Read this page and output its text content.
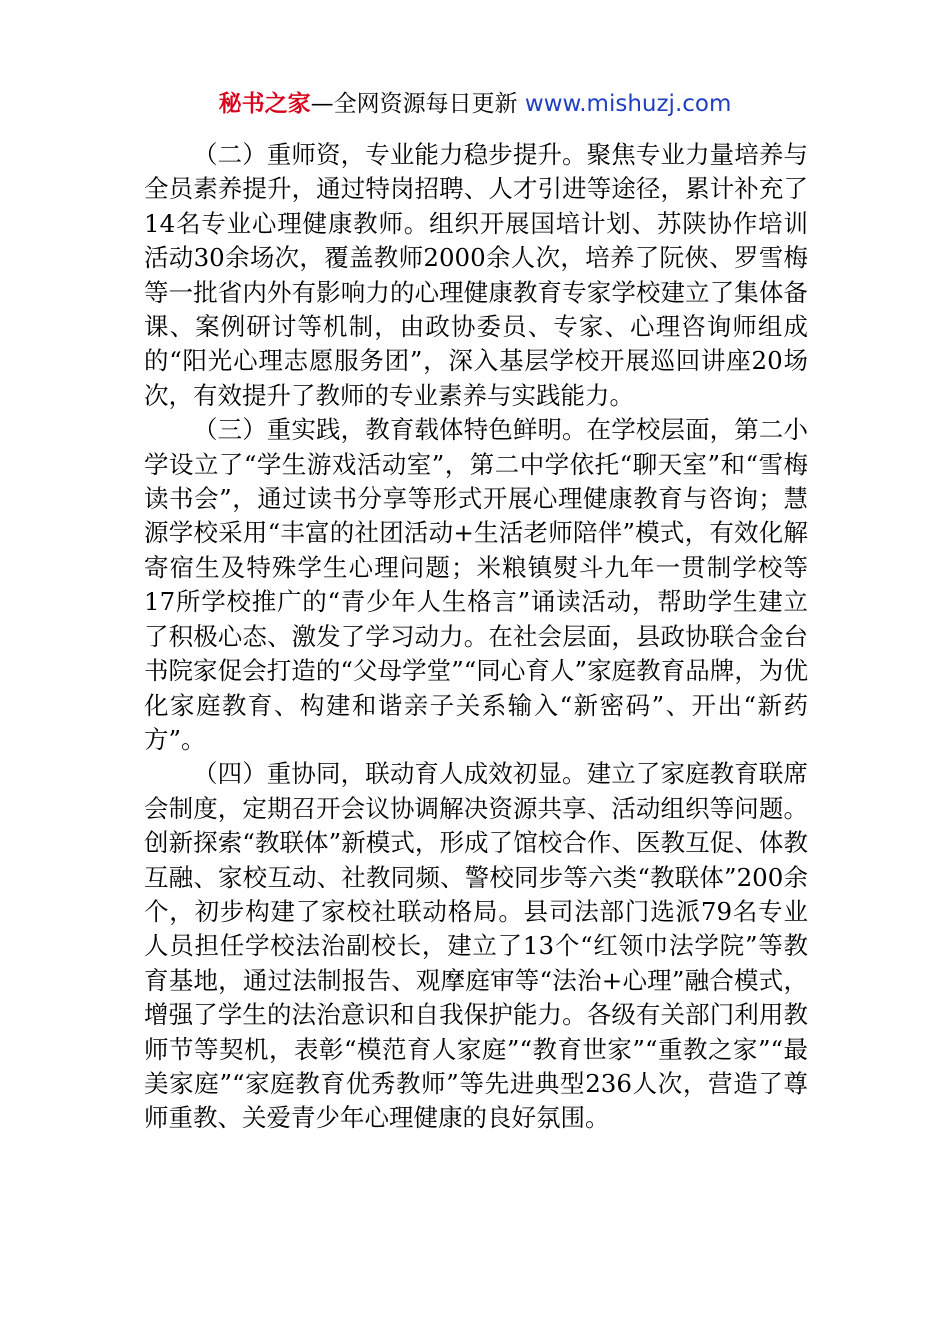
秘书之家—全网资源每日更新 www.mishuzj.com

（二）重师资，专业能力稳步提升。聚焦专业力量培养与全员素养提升，通过特岗招聘、人才引进等途径，累计补充了14名专业心理健康教师。组织开展国培计划、苏陕协作培训活动30余场次，覆盖教师2000余人次，培养了阮俠、罗雪梅等一批省内外有影响力的心理健康教育专家学校建立了集体备课、案例研讨等机制，由政协委员、专家、心理咨询师组成的“阳光心理志愿服务团”，深入基层学校开展巡回讲座20场次，有效提升了教师的专业素养与实践能力。

（三）重实践，教育载体特色鲜明。在学校层面，第二小学设立了“学生游戏活动室”，第二中学依托“聊天室”和“雪梅读书会”，通过读书分享等形式开展心理健康教育与咨询；慧源学校采用“丰富的社团活动+生活老师陪伴”模式，有效化解寄宿生及特殊学生心理问题；米粮镇熨斗九年一贯制学校等17所学校推广的“青少年人生格言”诵读活动，帮助学生建立了积极心态、激发了学习动力。在社会层面，县政协联合金台书院家促会打造的“父母学堂”“同心育人”家庭教育品牌，为优化家庭教育、构建和谐亲子关系输入“新密码”、开出“新药方”。

（四）重协同，联动育人成效初显。建立了家庭教育联席会制度，定期召开会议协调解决资源共享、活动组织等问题。创新探索“教联体”新模式，形成了馆校合作、医教互促、体教互融、家校互动、社教同频、警校同步等六类“教联体”200余个，初步构建了家校社联动格局。县司法部门选派79名专业人员担任学校法治副校长，建立了13个“红领巾法学院”等教育基地，通过法制报告、观摩庭审等“法治+心理”融合模式，增强了学生的法治意识和自我保护能力。各级有关部门利用教师节等契机，表彰“模范育人家庭”“教育世家”“重教之家”“最美家庭”“家庭教育优秀教师”等先进典型236人次，营造了尊师重教、关爱青少年心理健康的良好氛围。
